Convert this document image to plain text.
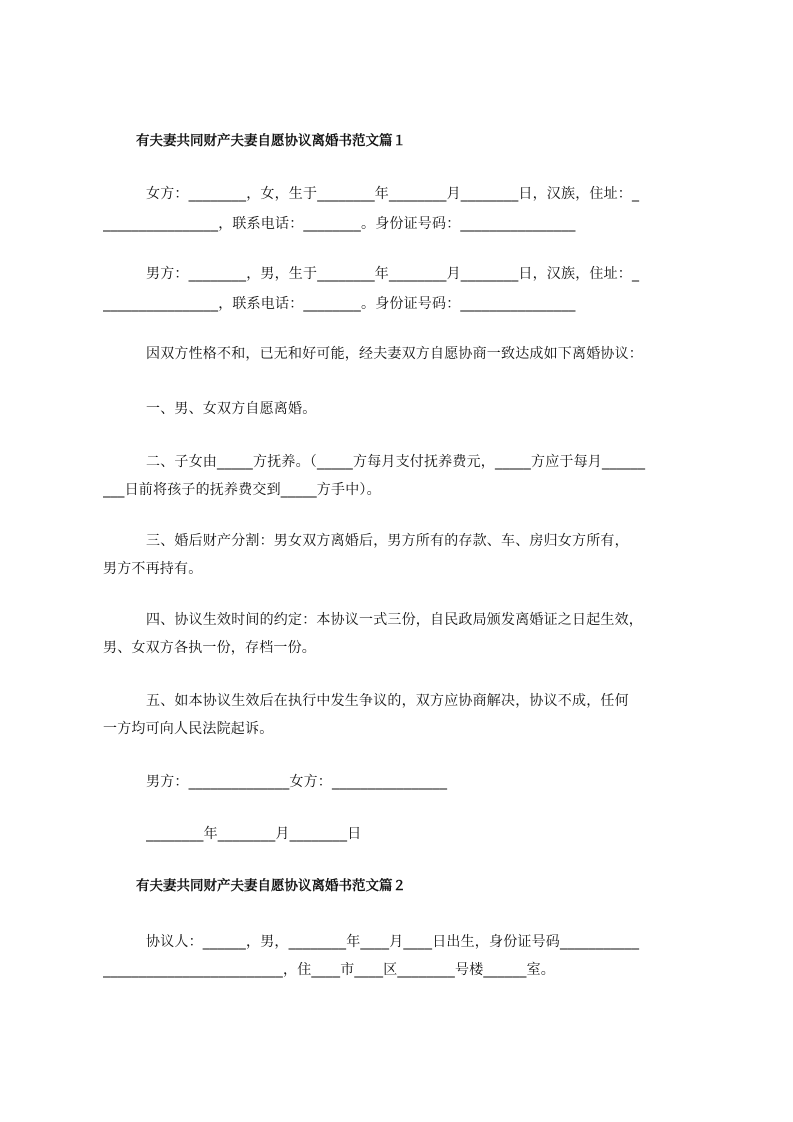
有夫妻共同财产夫妻自愿协议离婚书范文篇１
女方：________，女，生于________年________月________日，汉族，住址：_
________________，联系电话：________。身份证号码：________________
男方：________，男，生于________年________月________日，汉族，住址：_
________________，联系电话：________。身份证号码：________________
因双方性格不和，已无和好可能，经夫妻双方自愿协商一致达成如下离婚协议：
一、男、女双方自愿离婚。
二、子女由_____方抚养。（_____方每月支付抚养费元，_____方应于每月______
___日前将孩子的抚养费交到_____方手中）。
三、婚后财产分割：男女双方离婚后，男方所有的存款、车、房归女方所有，
男方不再持有。
四、协议生效时间的约定：本协议一式三份，自民政局颁发离婚证之日起生效，
男、女双方各执一份，存档一份。
五、如本协议生效后在执行中发生争议的，双方应协商解决，协议不成，任何
一方均可向人民法院起诉。
男方：______________女方：________________
________年________月________日
有夫妻共同财产夫妻自愿协议离婚书范文篇２
协议人：______，男，________年____月____日出生，身份证号码___________
_________________________，住____市____区________号楼______室。
